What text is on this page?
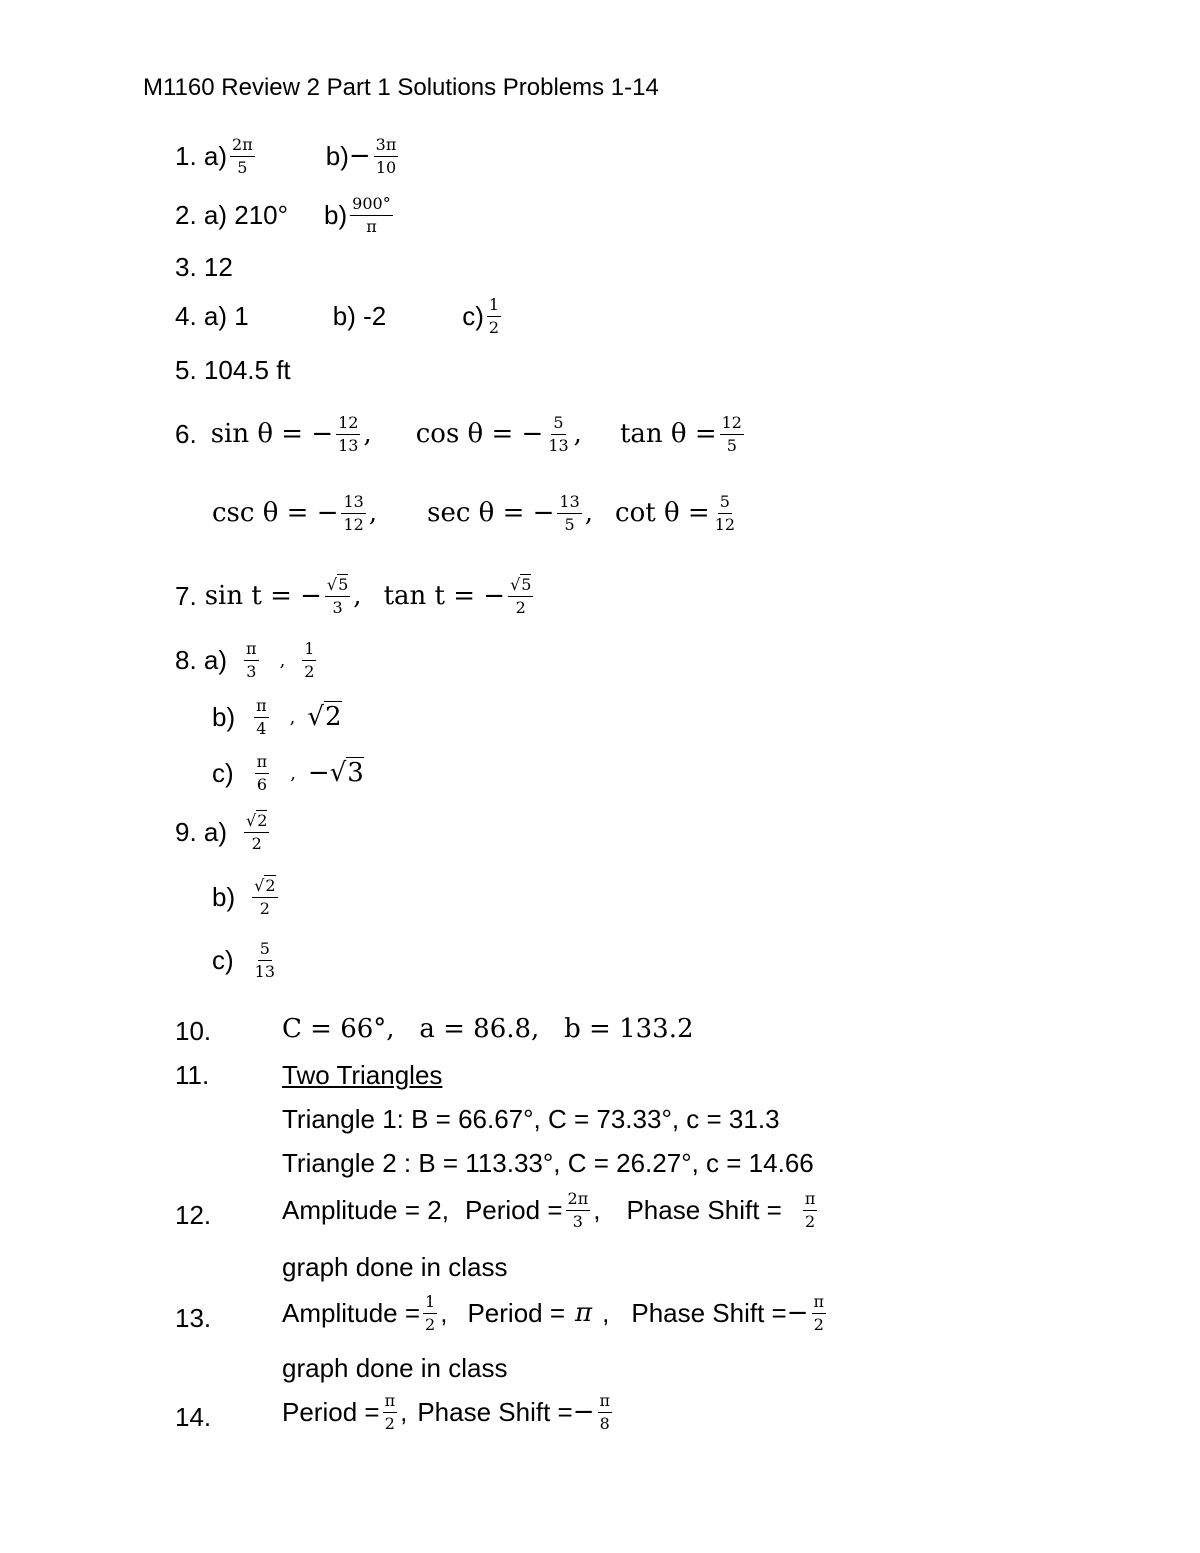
M1160 Review 2 Part 1 Solutions Problems 1-14
1.
$a) \frac{2\pi}{5}$	$b) - \frac{3\pi}{10}$
2.
a) 210° $b) \frac{900^\circ}{\pi}$
3.
12
4.
a) 1	b) -2	$c) \frac{1}{2}$
5.
104.5 ft
6. sin θ = − $\frac{12}{13}$ , cos θ = − $\frac{5}{13}$ , $\tan \theta = \frac{12}{5}$
csc θ = − $\frac{13}{12}$ , sec θ = − $\frac{13}{5}$ , $\cot \theta = \frac{5}{12}$
7. sin t = − $\frac{√5}{3}$ , tan t = − $\frac{√5}{2}$
8.
$a) \frac{\pi}{3}$ , $\frac{1}{2}$
$b) \frac{\pi}{4}$ , √2
$c) \frac{\pi}{6}$ , −√3
9.
$a) \frac{√2}{2}$
$b) \frac{√2}{2}$
$c) \frac{5}{13}$
10.	C = 66°,   a = 86.8,   b = 133.2
11.	Two Triangles
Triangle 1: B = 66.67°, C = 73.33°, c = 31.3
Triangle 2 : B = 113.33°, C = 26.27°, c = 14.66
12.	Amplitude = 2, Period = $\frac{2\pi}{3}$ , Phase Shift = $\frac{\pi}{2}$
graph done in class
13.	Amplitude = $\frac{1}{2}$ , Period = π , Phase Shift = − $\frac{\pi}{2}$
graph done in class
14.	Period = $\frac{\pi}{2}$ , Phase Shift = − $\frac{\pi}{8}$
